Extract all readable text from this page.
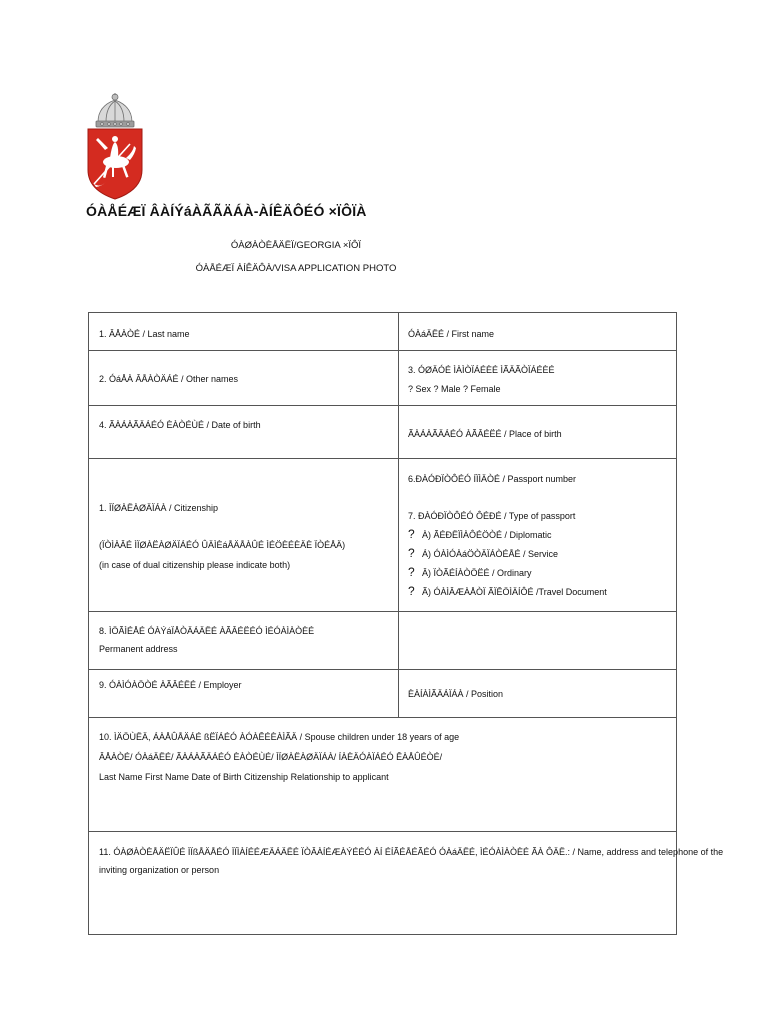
ÓÀÅÉÆÏ ÂÀÍÝáÀÃÃÄÁÀ-ÀÍÊÄÔÉÓ ×ÏÔÏÀ
ÓÀØÀÒÈÅÄËÏ/GEORGIA ×ÏÔÏ
ÓÀÅÉÆÏ ÀÍÊÄÔÀ/VISA APPLICATION PHOTO
1. ÂÅÀÒÉ / Last name	ÓÀáÄËÉ / First name
2. ÓáÅÀ ÂÅÀÒÄÁÉ / Other names
3. ÓØÄÓÉ ÌÀÌÒÏÁÉÈÉ ÌÃÄÃÒÏÁÉÈÉ
? Sex ? Male ? Female
4. ÃÀÁÀÃÄÁÉÓ ÈÀÒÉÙÉ / Date of birth
ÃÀÁÀÃÄÁÉÓ ÀÃÂÉËÉ / Place of birth
1. ÌÏØÀËÀØÄÏÁÀ / Citizenship
(ÏÒÌÀÂÉ ÌÏØÀËÀØÄÏÁÉÓ ÛÄÌÈáÅÄÅÀÛÉ ÌÉÖÈÉÈÄÈ ÏÒÉÅÄ)
(in case of dual citizenship please indicate both)
6.ÐÀÓÐÏÒÔÉÓ ÍÏÌÄÒÉ / Passport number
7. ÐÀÓÐÏÒÔÉÓ ÔÉÐÉ / Type of passport
? À) ÃÉÐËÏÌÀÔÉÖÒÉ / Diplomatic
? Á) ÓÀÌÓÀáÖÒÄÏÁÒÉÅÉ / Service
? Â) ÏÒÃÉÍÀÒÖËÉ / Ordinary
? Ã) ÓÀÌÂÆÀÅÒÏ ÃÏÊÖÌÄÍÔÉ /Travel Document
8. ÌÖÃÌÉÅÉ ÓÀÝáÏÅÒÄÁÄËÉ ÀÃÂÉËÉÓ ÌÉÓÀÌÀÒÈÉ
Permanent address
9. ÓÀÌÓÀÖÒÉ ÀÃÂÉËÉ / Employer
ÈÀÍÀÌÃÄÁÏÁÀ / Position
10. ÌÄÖÙËÄ, ÁÀÅÛÅÄÁÉ ßËÏÁÉÓ ÀÓÀÊÉÈÀÌÃÄ / Spouse children under 18 years of age
ÂÅÀÒÉ/ ÓÀáÄËÉ/ ÃÀÁÀÃÄÁÉÓ ÈÀÒÉÙÉ/ ÌÏØÀËÀØÄÏÁÀ/ ÍÀÈÄÓÀÏÁÉÓ ÊÀÅÛÉÒÉ/
Last Name First Name Date of Birth Citizenship Relationship to applicant
11. ÓÀØÀÒÈÅÄËÏÛÉ ÌÏßÅÄÅÉÓ ÌÏÌÀÍÉÉÆÄÁÄËÉ ÏÒÂÀÍÉÆÀÝÉÉÓ ÀÍ ÉÍÃÉÅÉÃÉÓ ÓÀáÄËÉ, ÌÉÓÀÌÀÒÈÉ ÃÀ ÔÄË.: / Name, address and telephone of the
inviting organization or person
